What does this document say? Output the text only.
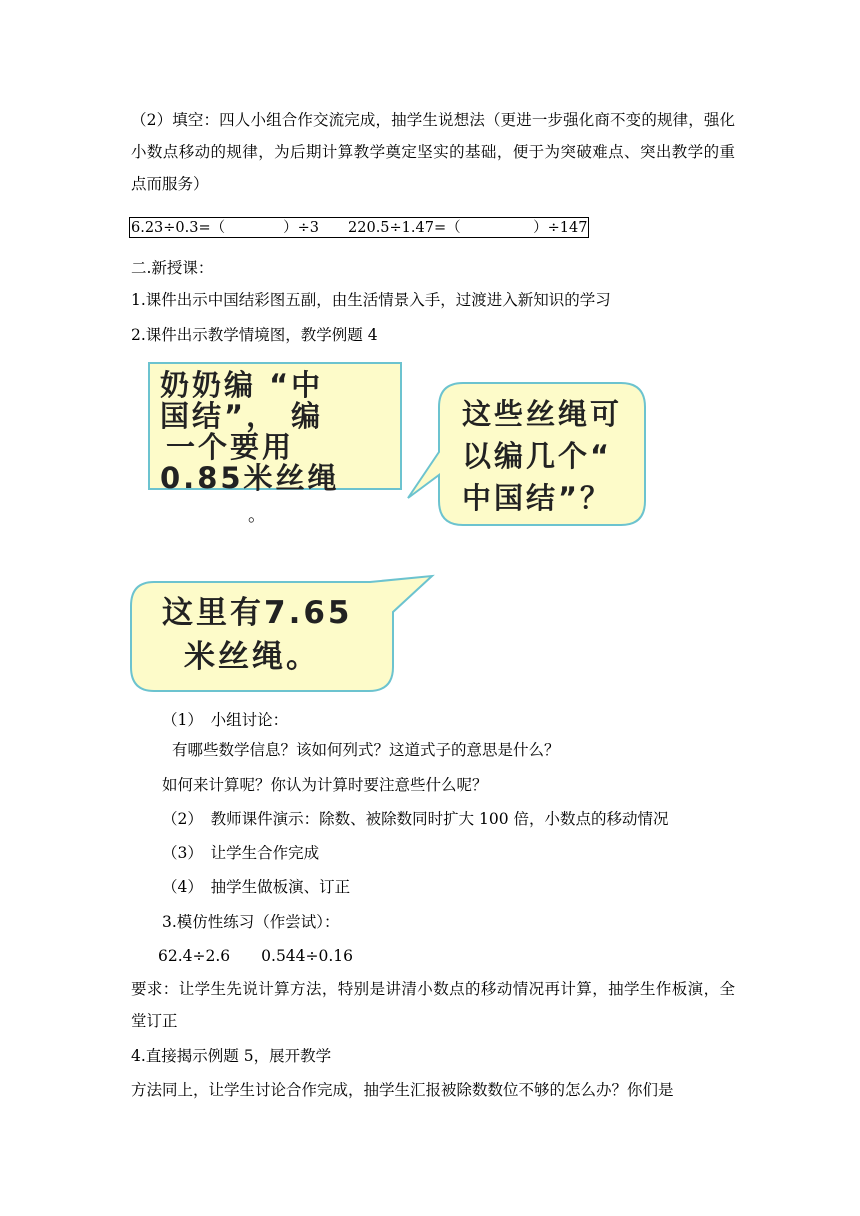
（2）填空：四人小组合作交流完成，抽学生说想法（更进一步强化商不变的规律，强化小数点移动的规律，为后期计算教学奠定坚实的基础，便于为突破难点、突出教学的重点而服务）
6.23÷0.3=（　　　　）÷3　　220.5÷1.47=（　　　　　）÷147
二.新授课：
1.课件出示中国结彩图五副，由生活情景入手，过渡进入新知识的学习
2.课件出示教学情境图，教学例题 4
奶奶编 “中
国结”， 编
一个要用
0.85米丝绳
。
这些丝绳可
以编几个“
中国结”？
这里有7.65
米丝绳。
（1）　小组讨论：
有哪些数学信息？该如何列式？这道式子的意思是什么？
如何来计算呢？你认为计算时要注意些什么呢？
（2）　教师课件演示：除数、被除数同时扩大 100 倍，小数点的移动情况
（3）　让学生合作完成
（4）　抽学生做板演、订正
3.模仿性练习（作尝试）：
62.4÷2.6　　0.544÷0.16
要求：让学生先说计算方法，特别是讲清小数点的移动情况再计算，抽学生作板演，全堂订正
4.直接揭示例题 5，展开教学
方法同上，让学生讨论合作完成，抽学生汇报被除数数位不够的怎么办？你们是
